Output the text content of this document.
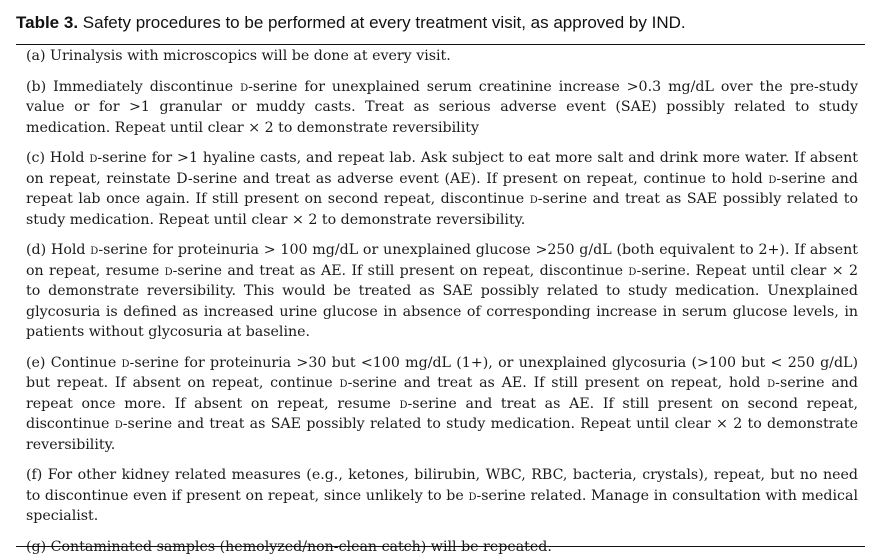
Table 3. Safety procedures to be performed at every treatment visit, as approved by IND.

(a) Urinalysis with microscopics will be done at every visit.

(b) Immediately discontinue d-serine for unexplained serum creatinine increase >0.3 mg/dL over the pre-study value or for >1 granular or muddy casts. Treat as serious adverse event (SAE) possibly related to study medication. Repeat until clear × 2 to demonstrate reversibility

(c) Hold d-serine for >1 hyaline casts, and repeat lab. Ask subject to eat more salt and drink more water. If absent on repeat, reinstate D-serine and treat as adverse event (AE). If present on repeat, continue to hold d-serine and repeat lab once again. If still present on second repeat, discontinue d-serine and treat as SAE possibly related to study medication. Repeat until clear × 2 to demonstrate reversibility.

(d) Hold d-serine for proteinuria > 100 mg/dL or unexplained glucose >250 g/dL (both equivalent to 2+). If absent on repeat, resume d-serine and treat as AE. If still present on repeat, discontinue d-serine. Repeat until clear × 2 to demonstrate reversibility. This would be treated as SAE possibly related to study medication. Unexplained glycosuria is defined as increased urine glucose in absence of corresponding increase in serum glucose levels, in patients without glycosuria at baseline.

(e) Continue d-serine for proteinuria >30 but <100 mg/dL (1+), or unexplained glycosuria (>100 but < 250 g/dL) but repeat. If absent on repeat, continue d-serine and treat as AE. If still present on repeat, hold d-serine and repeat once more. If absent on repeat, resume d-serine and treat as AE. If still present on second repeat, discontinue d-serine and treat as SAE possibly related to study medication. Repeat until clear × 2 to demonstrate reversibility.

(f) For other kidney related measures (e.g., ketones, bilirubin, WBC, RBC, bacteria, crystals), repeat, but no need to discontinue even if present on repeat, since unlikely to be d-serine related. Manage in consultation with medical specialist.

(g) Contaminated samples (hemolyzed/non-clean catch) will be repeated.
